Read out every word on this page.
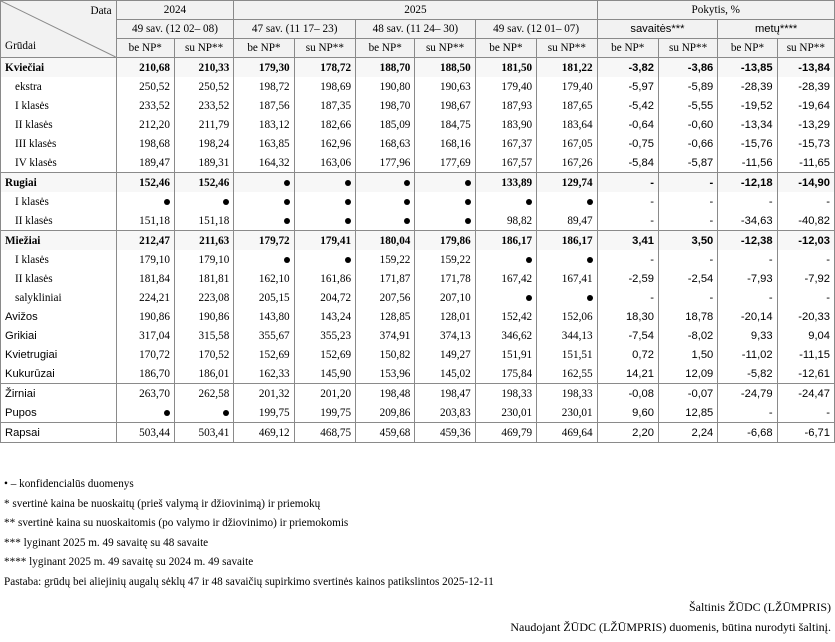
Data
Grūdai	2024		2025						Pokytis, %			
	49 sav. (12 02– 08)		47 sav. (11 17– 23)		48 sav. (11 24– 30)		49 sav. (12 01– 07)		savaitės***		metų****	
	be NP*	su NP**	be NP*	su NP**	be NP*	su NP**	be NP*	su NP**	be NP*	su NP**	be NP*	su NP**
Kviečiai	210,68	210,33	179,30	178,72	188,70	188,50	181,50	181,22	-3,82	-3,86	-13,85	-13,84
ekstra	250,52	250,52	198,72	198,69	190,80	190,63	179,40	179,40	-5,97	-5,89	-28,39	-28,39
I klasės	233,52	233,52	187,56	187,35	198,70	198,67	187,93	187,65	-5,42	-5,55	-19,52	-19,64
II klasės	212,20	211,79	183,12	182,66	185,09	184,75	183,90	183,64	-0,64	-0,60	-13,34	-13,29
III klasės	198,68	198,24	163,85	162,96	168,63	168,16	167,37	167,05	-0,75	-0,66	-15,76	-15,73
IV klasės	189,47	189,31	164,32	163,06	177,96	177,69	167,57	167,26	-5,84	-5,87	-11,56	-11,65
Rugiai	152,46	152,46					133,89	129,74	-	-	-12,18	-14,90
I klasės									-	-	-	-
II klasės	151,18	151,18					98,82	89,47	-	-	-34,63	-40,82
Miežiai	212,47	211,63	179,72	179,41	180,04	179,86	186,17	186,17	3,41	3,50	-12,38	-12,03
I klasės	179,10	179,10			159,22	159,22			-	-	-	-
II klasės	181,84	181,81	162,10	161,86	171,87	171,78	167,42	167,41	-2,59	-2,54	-7,93	-7,92
salykliniai	224,21	223,08	205,15	204,72	207,56	207,10			-	-	-	-
Avižos	190,86	190,86	143,80	143,24	128,85	128,01	152,42	152,06	18,30	18,78	-20,14	-20,33
Grikiai	317,04	315,58	355,67	355,23	374,91	374,13	346,62	344,13	-7,54	-8,02	9,33	9,04
Kvietrugiai	170,72	170,52	152,69	152,69	150,82	149,27	151,91	151,51	0,72	1,50	-11,02	-11,15
Kukurūzai	186,70	186,01	162,33	145,90	153,96	145,02	175,84	162,55	14,21	12,09	-5,82	-12,61
Žirniai	263,70	262,58	201,32	201,20	198,48	198,47	198,33	198,33	-0,08	-0,07	-24,79	-24,47
Pupos			199,75	199,75	209,86	203,83	230,01	230,01	9,60	12,85	-	-
Rapsai	503,44	503,41	469,12	468,75	459,68	459,36	469,79	469,64	2,20	2,24	-6,68	-6,71
• – konfidencialūs duomenys
* svertinė kaina be nuoskaitų (prieš valymą ir džiovinimą) ir priemokų
** svertinė kaina su nuoskaitomis (po valymo ir džiovinimo) ir priemokomis
*** lyginant 2025 m. 49 savaitę su 48 savaite
**** lyginant 2025 m. 49 savaitę su 2024 m. 49 savaite
Pastaba: grūdų bei aliejinių augalų sėklų 47 ir 48 savaičių supirkimo svertinės kainos patikslintos 2025-12-11
Šaltinis ŽŪDC (LŽŪMPRIS)
Naudojant ŽŪDC (LŽŪMPRIS) duomenis, būtina nurodyti šaltinį.
